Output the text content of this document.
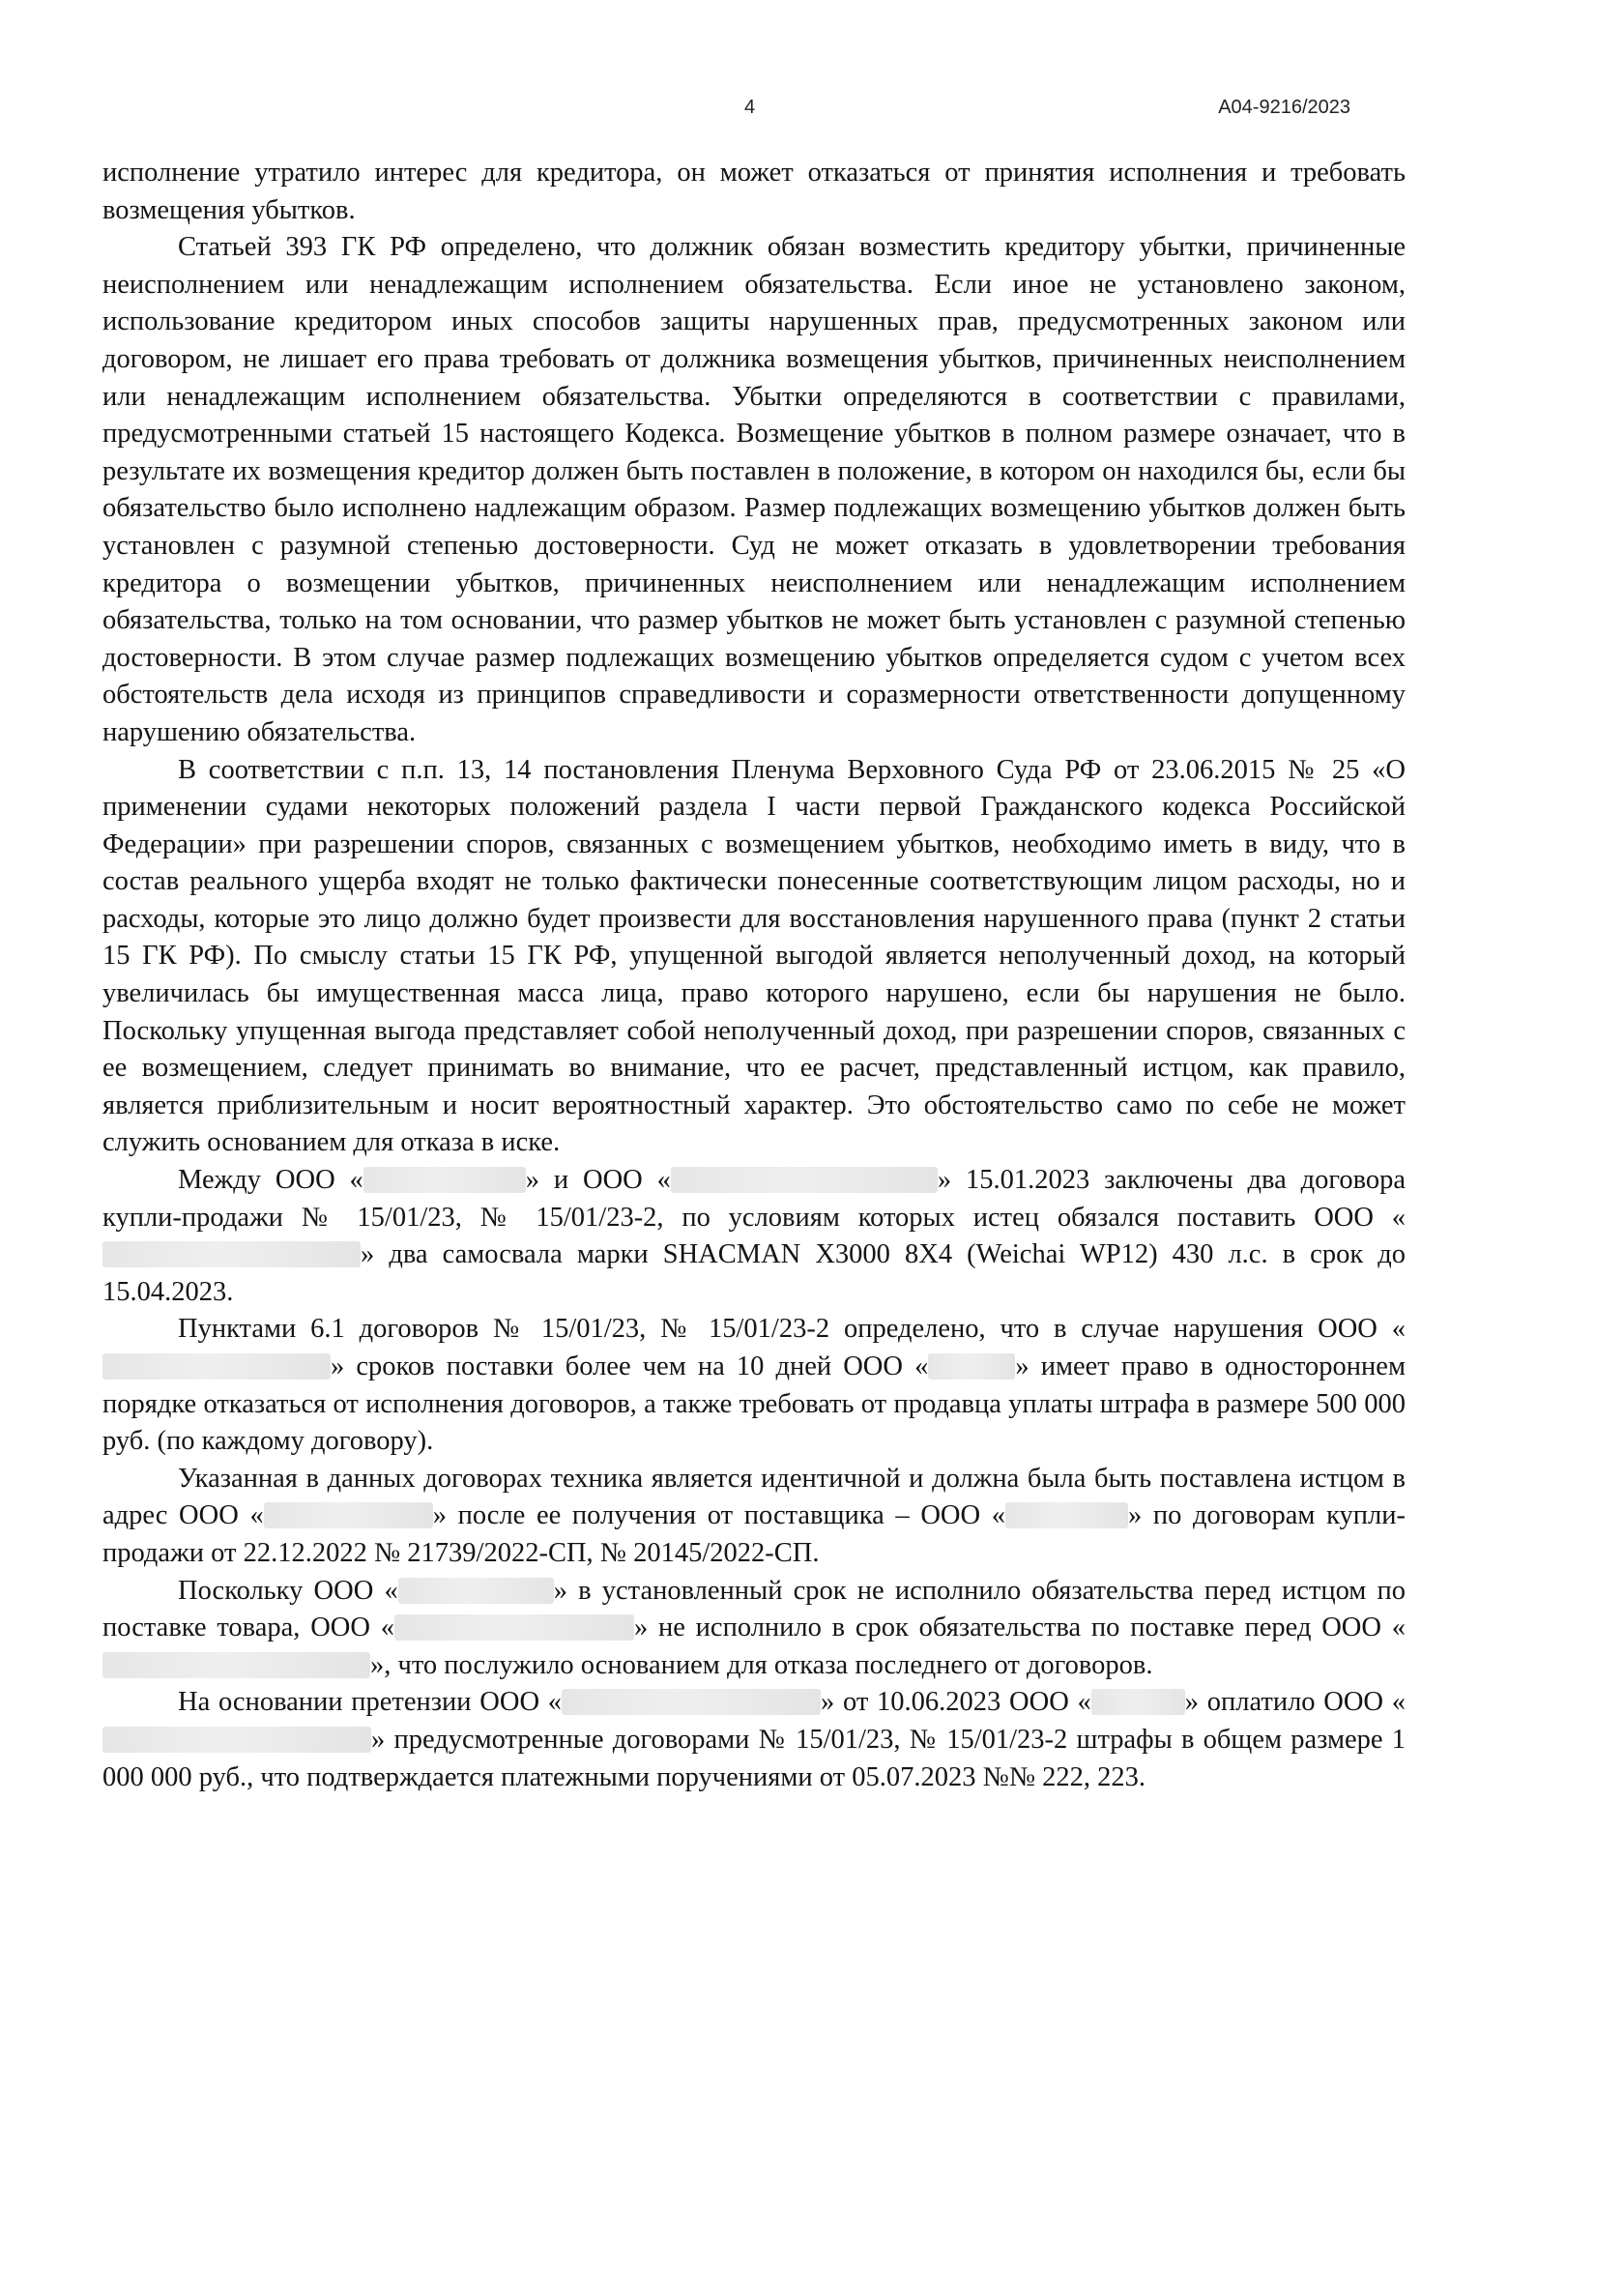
4	А04-9216/2023

исполнение утратило интерес для кредитора, он может отказаться от принятия исполнения и требовать возмещения убытков.

Статьей 393 ГК РФ определено, что должник обязан возместить кредитору убытки, причиненные неисполнением или ненадлежащим исполнением обязательства. Если иное не установлено законом, использование кредитором иных способов защиты нарушенных прав, предусмотренных законом или договором, не лишает его права требовать от должника возмещения убытков, причиненных неисполнением или ненадлежащим исполнением обязательства. Убытки определяются в соответствии с правилами, предусмотренными статьей 15 настоящего Кодекса. Возмещение убытков в полном размере означает, что в результате их возмещения кредитор должен быть поставлен в положение, в котором он находился бы, если бы обязательство было исполнено надлежащим образом. Размер подлежащих возмещению убытков должен быть установлен с разумной степенью достоверности. Суд не может отказать в удовлетворении требования кредитора о возмещении убытков, причиненных неисполнением или ненадлежащим исполнением обязательства, только на том основании, что размер убытков не может быть установлен с разумной степенью достоверности. В этом случае размер подлежащих возмещению убытков определяется судом с учетом всех обстоятельств дела исходя из принципов справедливости и соразмерности ответственности допущенному нарушению обязательства.

В соответствии с п.п. 13, 14 постановления Пленума Верховного Суда РФ от 23.06.2015 № 25 «О применении судами некоторых положений раздела I части первой Гражданского кодекса Российской Федерации» при разрешении споров, связанных с возмещением убытков, необходимо иметь в виду, что в состав реального ущерба входят не только фактически понесенные соответствующим лицом расходы, но и расходы, которые это лицо должно будет произвести для восстановления нарушенного права (пункт 2 статьи 15 ГК РФ). По смыслу статьи 15 ГК РФ, упущенной выгодой является неполученный доход, на который увеличилась бы имущественная масса лица, право которого нарушено, если бы нарушения не было. Поскольку упущенная выгода представляет собой неполученный доход, при разрешении споров, связанных с ее возмещением, следует принимать во внимание, что ее расчет, представленный истцом, как правило, является приблизительным и носит вероятностный характер. Это обстоятельство само по себе не может служить основанием для отказа в иске.

Между ООО «	» и ООО «	» 15.01.2023 заключены два договора купли-продажи № 15/01/23, № 15/01/23-2, по условиям которых истец обязался поставить ООО «» два самосвала марки SHACMAN X3000 8X4 (Weichai WP12) 430 л.с. в срок до 15.04.2023.

Пунктами 6.1 договоров № 15/01/23, № 15/01/23-2 определено, что в случае нарушения ООО «» сроков поставки более чем на 10 дней ООО «	» имеет право в одностороннем порядке отказаться от исполнения договоров, а также требовать от продавца уплаты штрафа в размере 500 000 руб. (по каждому договору).

Указанная в данных договорах техника является идентичной и должна была быть поставлена истцом в адрес ООО «	» после ее получения от поставщика – ООО «	» по договорам купли-продажи от 22.12.2022 № 21739/2022-СП, № 20145/2022-СП.

Поскольку ООО «	» в установленный срок не исполнило обязательства перед истцом по поставке товара, ООО «	» не исполнило в срок обязательства по поставке перед ООО «», что послужило основанием для отказа последнего от договоров.

На основании претензии ООО «	» от 10.06.2023 ООО «	» оплатило ООО «» предусмотренные договорами № 15/01/23, № 15/01/23-2 штрафы в общем размере 1 000 000 руб., что подтверждается платежными поручениями от 05.07.2023 №№ 222, 223.
